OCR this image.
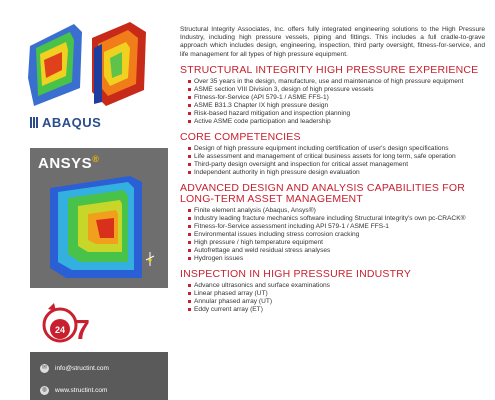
ABAQUS
ANSYS®
24 7
✉	info@structint.com
◍ www.structint.com

Structural Integrity Associates, Inc. offers fully integrated engineering solutions to the High Pressure Industry, including high pressure vessels, piping and fittings. This includes a full cradle-to-grave approach which includes design, engineering, inspection, third party oversight, fitness-for-service, and life management for all types of high pressure equipment.

STRUCTURAL INTEGRITY HIGH PRESSURE EXPERIENCE
Over 35 years in the design, manufacture, use and maintenance of high pressure equipment
ASME section VIII Division 3, design of high pressure vessels
Fitness-for-Service (API 579-1 / ASME FFS-1)
ASME B31.3 Chapter IX high pressure design
Risk-based hazard mitigation and inspection planning
Active ASME code participation and leadership
CORE COMPETENCIES
Design of high pressure equipment including certification of user's design specifications
Life assessment and management of critical business assets for long term, safe operation
Third-party design oversight and inspection for critical asset management
Independent authority in high pressure design evaluation
ADVANCED DESIGN AND ANALYSIS CAPABILITIES FOR LONG-TERM ASSET MANAGEMENT
Finite element analysis (Abaqus, Ansys®)
Industry leading fracture mechanics software including Structural Integrity's own pc-CRACK®
Fitness-for-Service assessment including API 579-1 / ASME FFS-1
Environmental issues including stress corrosion cracking
High pressure / high temperature equipment
Autofrettage and weld residual stress analyses
Hydrogen issues
INSPECTION IN HIGH PRESSURE INDUSTRY
Advance ultrasonics and surface examinations
Linear phased array (UT)
Annular phased array (UT)
Eddy current array (ET)
